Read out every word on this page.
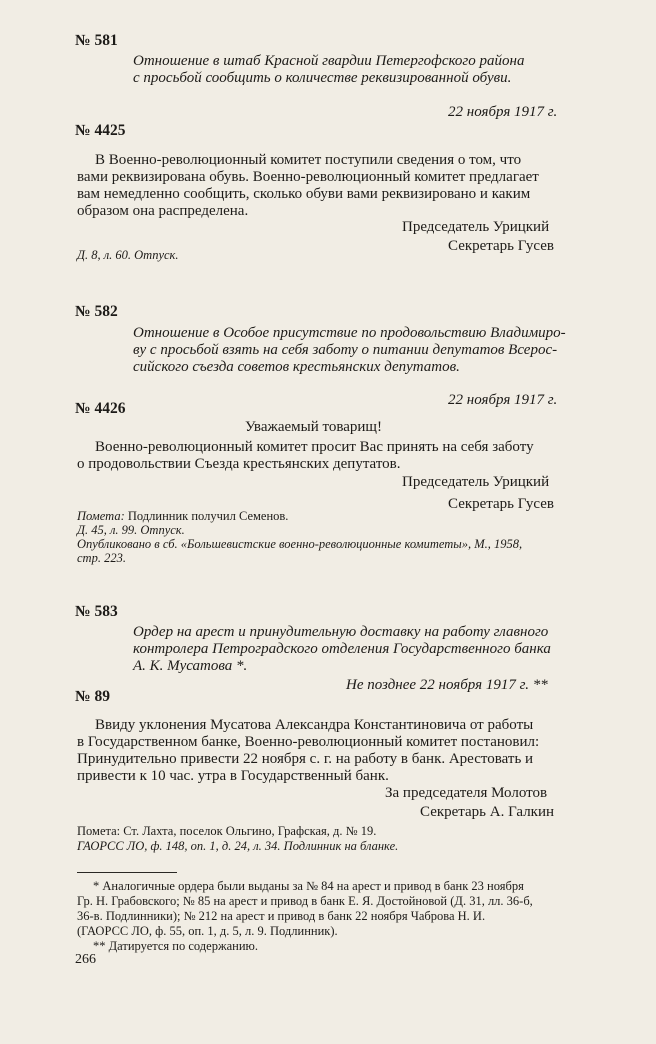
№ 581
Отношение в штаб Красной гвардии Петергофского района
с просьбой сообщить о количестве реквизированной обуви.
22 ноября 1917 г.
№ 4425
В Военно-революционный комитет поступили сведения о том, что
вами реквизирована обувь. Военно-революционный комитет предлагает
вам немедленно сообщить, сколько обуви вами реквизировано и каким
образом она распределена.
Председатель Урицкий
Секретарь Гусев
Д. 8, л. 60. Отпуск.
№ 582
Отношение в Особое присутствие по продовольствию Владимиро-
ву с просьбой взять на себя заботу о питании депутатов Всерос-
сийского съезда советов крестьянских депутатов.
22 ноября 1917 г.
№ 4426
Уважаемый товарищ!
Военно-революционный комитет просит Вас принять на себя заботу
о продовольствии Съезда крестьянских депутатов.
Председатель Урицкий
Секретарь Гусев
Помета: Подлинник получил Семенов.
Д. 45, л. 99. Отпуск.
Опубликовано в сб. «Большевистские военно-революционные комитеты», М., 1958,
стр. 223.
№ 583
Ордер на арест и принудительную доставку на работу главного
контролера Петроградского отделения Государственного банка
А. К. Мусатова *.
Не позднее 22 ноября 1917 г. **
№ 89
Ввиду уклонения Мусатова Александра Константиновича от работы
в Государственном банке, Военно-революционный комитет постановил:
Принудительно привести 22 ноября с. г. на работу в банк. Арестовать и
привести к 10 час. утра в Государственный банк.
За председателя Молотов
Секретарь А. Галкин
Помета: Ст. Лахта, поселок Ольгино, Графская, д. № 19.
ГАОРСС ЛО, ф. 148, оп. 1, д. 24, л. 34. Подлинник на бланке.
* Аналогичные ордера были выданы за № 84 на арест и привод в банк 23 ноября
Гр. Н. Грабовского; № 85 на арест и привод в банк Е. Я. Достойновой (Д. 31, лл. 36-б,
36-в. Подлинники); № 212 на арест и привод в банк 22 ноября Чаброва Н. И.
(ГАОРСС ЛО, ф. 55, оп. 1, д. 5, л. 9. Подлинник).
** Датируется по содержанию.
266
